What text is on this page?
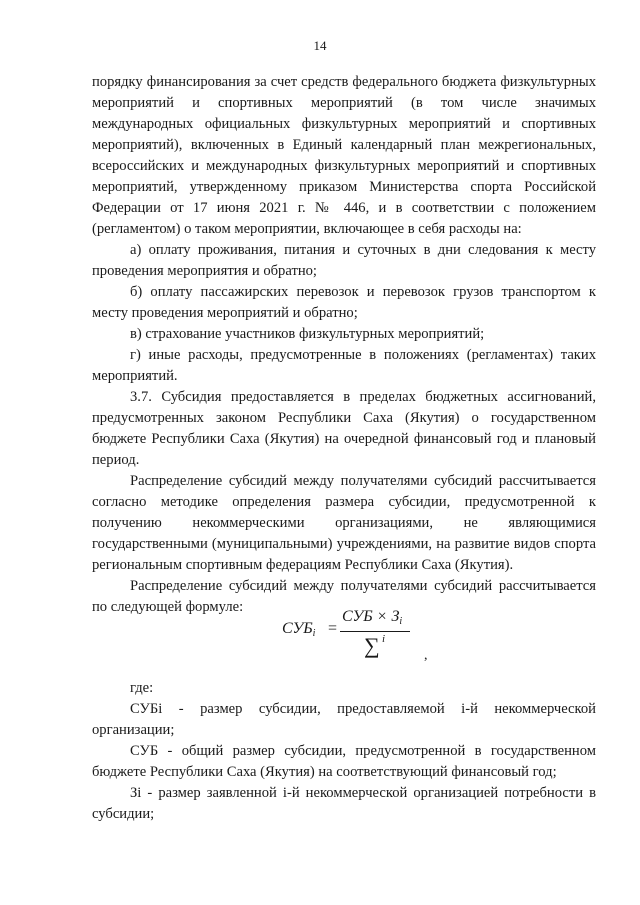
14

порядку финансирования за счет средств федерального бюджета физкультурных мероприятий и спортивных мероприятий (в том числе значимых международных официальных физкультурных мероприятий и спортивных мероприятий), включенных в Единый календарный план межрегиональных, всероссийских и международных физкультурных мероприятий и спортивных мероприятий, утвержденному приказом Министерства спорта Российской Федерации от 17 июня 2021 г. № 446, и в соответствии с положением (регламентом) о таком мероприятии, включающее в себя расходы на:

а) оплату проживания, питания и суточных в дни следования к месту проведения мероприятия и обратно;

б) оплату пассажирских перевозок и перевозок грузов транспортом к месту проведения мероприятий и обратно;

в) страхование участников физкультурных мероприятий;

г) иные расходы, предусмотренные в положениях (регламентах) таких мероприятий.

3.7. Субсидия предоставляется в пределах бюджетных ассигнований, предусмотренных законом Республики Саха (Якутия) о государственном бюджете Республики Саха (Якутия) на очередной финансовый год и плановый период.

Распределение субсидий между получателями субсидий рассчитывается согласно методике определения размера субсидии, предусмотренной к получению некоммерческими организациями, не являющимися государственными (муниципальными) учреждениями, на развитие видов спорта региональным спортивным федерациям Республики Саха (Якутия).

Распределение субсидий между получателями субсидий рассчитывается по следующей формуле:

$СУБ_i$ =
СУБ × $З_i$
∑ i
,

где:

СУБi - размер субсидии, предоставляемой i-й некоммерческой организации;

СУБ - общий размер субсидии, предусмотренной в государственном бюджете Республики Саха (Якутия) на соответствующий финансовый год;

Зi - размер заявленной i-й некоммерческой организацией потребности в субсидии;
